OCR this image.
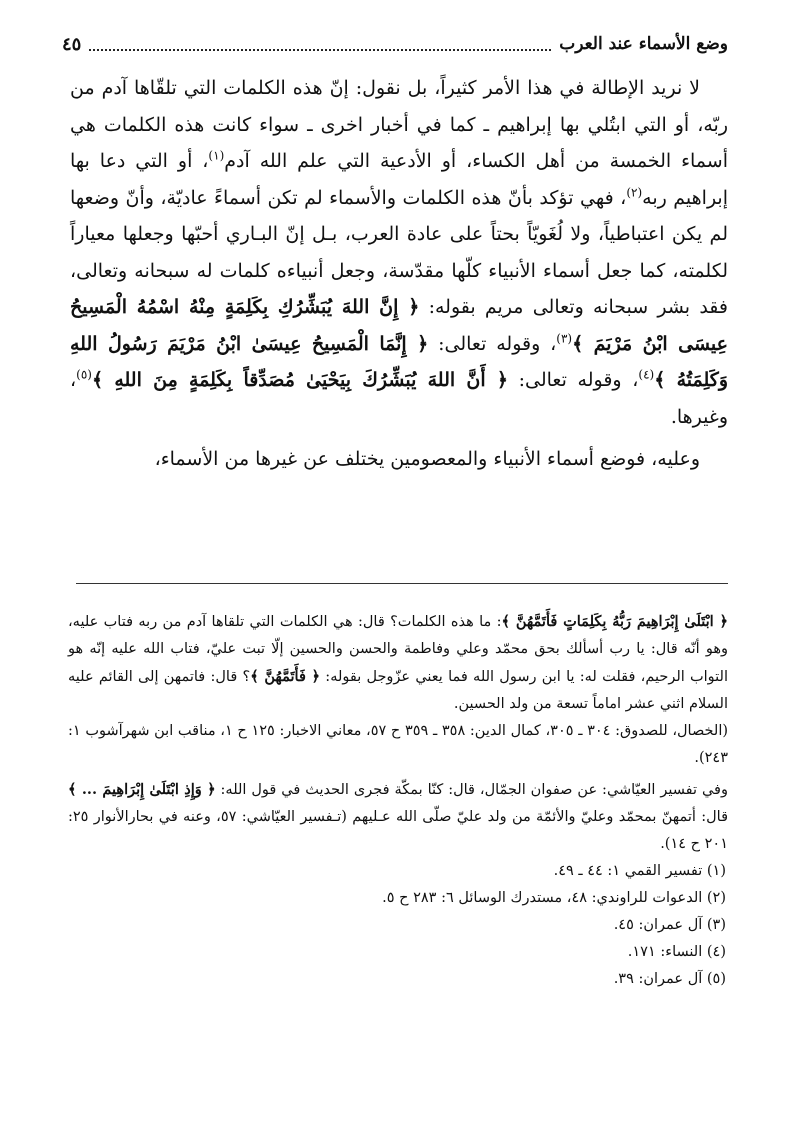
وضع الأسماء عند العرب
٤٥

لا نريد الإطالة في هذا الأمر كثيراً، بل نقول: إنّ هذه الكلمات التي تلقّاها آدم من ربّه، أو التي ابتُلي بها إبراهيم ـ كما في أخبار اخرى ـ سواء كانت هذه الكلمات هي أسماء الخمسة من أهل الكساء، أو الأدعية التي علم الله آدم$^{(١)}$، أو التي دعا بها إبراهيم ربه$^{(٢)}$، فهي تؤكد بأنّ هذه الكلمات والأسماء لم تكن أسماءً عاديّة، وأنّ وضعها لم يكن اعتباطياً، ولا لُغَويّاً بحتاً على عادة العرب، بـل إنّ البـاري أحبّها وجعلها معياراً لكلمته، كما جعل أسماء الأنبياء كلّها مقدّسة، وجعل أنبياءه كلمات له سبحانه وتعالى، فقد بشر سبحانه وتعالى مريم بقوله: ﴿ إِنَّ اللهَ يُبَشِّرُكِ بِكَلِمَةٍ مِنْهُ اسْمُهُ الْمَسِيحُ عِيسَى ابْنُ مَرْيَمَ ﴾$^{(٣)}$، وقوله تعالى: ﴿ إِنَّمَا الْمَسِيحُ عِيسَىٰ ابْنُ مَرْيَمَ رَسُولُ اللهِ وَكَلِمَتُهُ ﴾$^{(٤)}$، وقوله تعالى: ﴿ أَنَّ اللهَ يُبَشِّرُكَ بِيَحْيَىٰ مُصَدِّقاً بِكَلِمَةٍ مِنَ اللهِ ﴾$^{(٥)}$، وغيرها.

وعليه، فوضع أسماء الأنبياء والمعصومين يختلف عن غيرها من الأسماء،

﴿ ابْتَلَىٰ إِبْرَاهِيمَ رَبُّهُ بِكَلِمَاتٍ فَأَتَمَّهُنَّ ﴾: ما هذه الكلمات؟ قال: هي الكلمات التي تلقاها آدم من ربه فتاب عليه، وهو أنّه قال: يا رب أسألك بحق محمّد وعلي وفاطمة والحسن والحسين إلّا تبت عليّ، فتاب الله عليه إنّه هو التواب الرحيم، فقلت له: يا ابن رسول الله فما يعني عزّوجل بقوله: ﴿ فَأَتَمَّهُنَّ ﴾؟ قال: فاتمهن إلى القائم عليه السلام اثني عشر اماماً تسعة من ولد الحسين.

(الخصال، للصدوق: ٣٠٤ ـ ٣٠٥، كمال الدين: ٣٥٨ ـ ٣٥٩ ح ٥٧، معاني الاخبار: ١٢٥ ح ١، مناقب ابن شهرآشوب ١: ٢٤٣).

وفي تفسير العيّاشي: عن صفوان الجمّال، قال: كنّا بمكّة فجرى الحديث في قول الله: ﴿ وَإِذِ ابْتَلَىٰ إِبْرَاهِيمَ ... ﴾ قال: أتمهنّ بمحمّد وعليّ والأئمّة من ولد عليّ صلّى الله عـليهم (تـفسير العيّاشي: ٥٧، وعنه في بحارالأنوار ٢٥: ٢٠١ ح ١٤).

(١) تفسير القمي ١: ٤٤ ـ ٤٩.

(٢) الدعوات للراوندي: ٤٨، مستدرك الوسائل ٦: ٢٨٣ ح ٥.

(٣) آل عمران: ٤٥.

(٤) النساء: ١٧١.

(٥) آل عمران: ٣٩.
